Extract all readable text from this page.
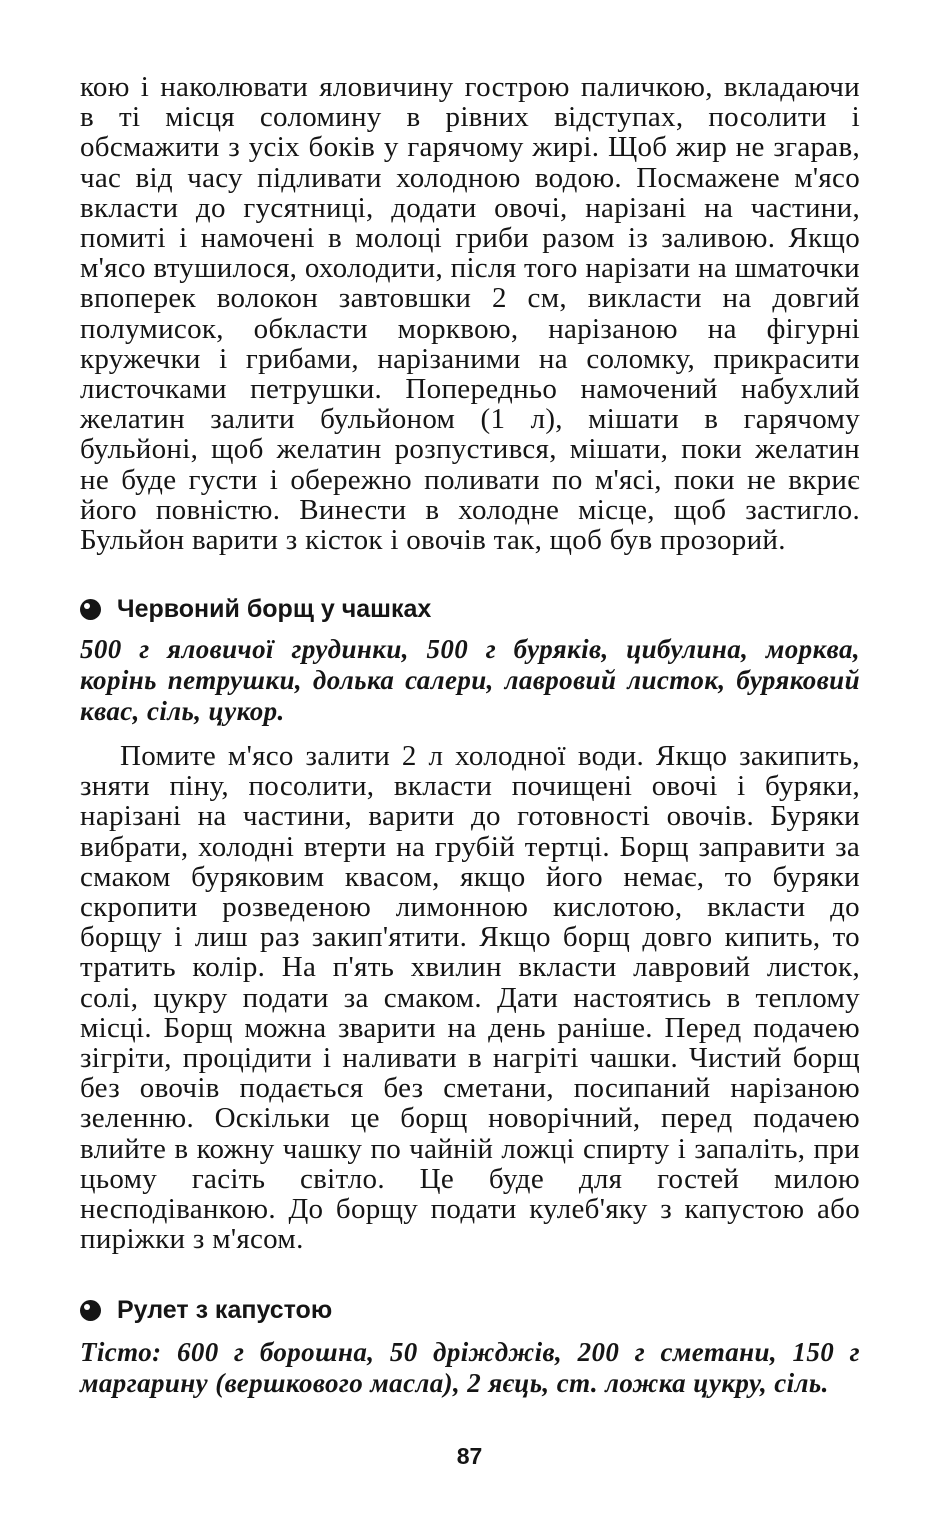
кою і наколювати яловичину гострою паличкою, вкладаючи в ті місця соломину в рівних відступах, посолити і обсмажити з усіх боків у гарячому жирі. Щоб жир не згарав, час від часу підливати холодною водою. Посмажене м'ясо вкласти до гусятниці, додати овочі, нарізані на частини, помиті і намочені в молоці гриби разом із заливою. Якщо м'ясо втушилося, охолодити, після того нарізати на шматочки впоперек волокон завтовшки 2 см, викласти на довгий полумисок, обкласти морквою, нарізаною на фігурні кружечки і грибами, нарізаними на соломку, прикрасити листочками петрушки. Попередньо намочений набухлий желатин залити бульйоном (1 л), мішати в гарячому бульйоні, щоб желатин розпустився, мішати, поки желатин не буде густи і обережно поливати по м'ясі, поки не вкриє його повністю. Винести в холодне місце, щоб застигло. Бульйон варити з кісток і овочів так, щоб був прозорий.

Червоний борщ у чашках

500 г яловичої грудинки, 500 г буряків, цибулина, морква, корінь петрушки, долька салери, лавровий листок, буряковий квас, сіль, цукор.

Помите м'ясо залити 2 л холодної води. Якщо закипить, зняти піну, посолити, вкласти почищені овочі і буряки, нарізані на частини, варити до готовності овочів. Буряки вибрати, холодні втерти на грубій тертці. Борщ заправити за смаком буряковим квасом, якщо його немає, то буряки скропити розведеною лимонною кислотою, вкласти до борщу і лиш раз закип'ятити. Якщо борщ довго кипить, то тратить колір. На п'ять хвилин вкласти лавровий листок, солі, цукру подати за смаком. Дати настоятись в теплому місці. Борщ можна зварити на день раніше. Перед подачею зігріти, процідити і наливати в нагріті чашки. Чистий борщ без овочів подається без сметани, посипаний нарізаною зеленню. Оскільки це борщ новорічний, перед подачею влийте в кожну чашку по чайній ложці спирту і запаліть, при цьому гасіть світло. Це буде для гостей милою несподіванкою. До борщу подати кулеб'яку з капустою або пиріжки з м'ясом.

Рулет з капустою

Тісто: 600 г борошна, 50 дріжджів, 200 г сметани, 150 г маргарину (вершкового масла), 2 яєць, ст. ложка цукру, сіль.

87
